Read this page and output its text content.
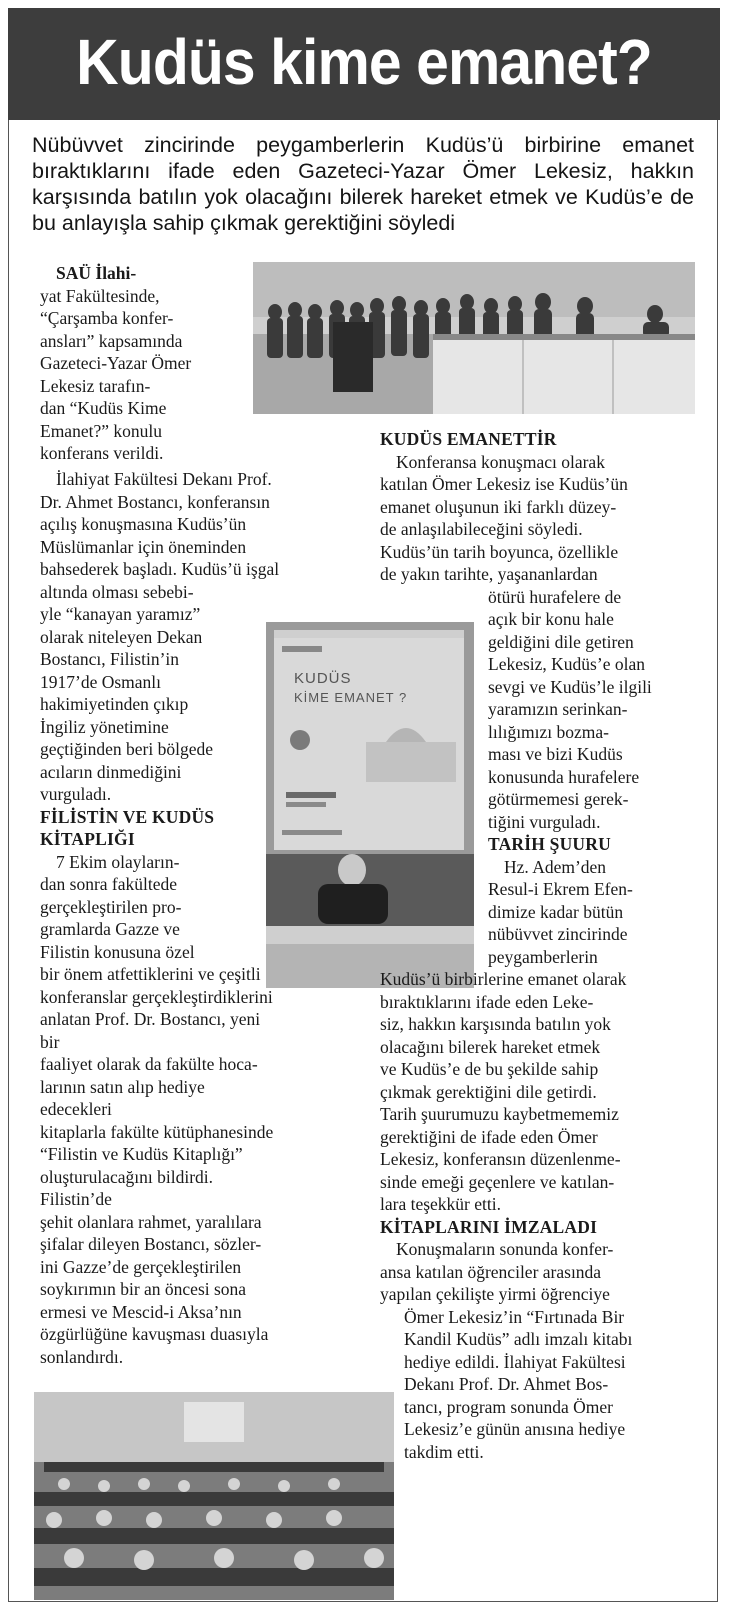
Kudüs kime emanet?
Nübüvvet zincirinde peygamberlerin Kudüs’ü birbirine emanet bıraktıklarını ifade eden Gazeteci-Yazar Ömer Lekesiz, hakkın karşısında batılın yok olacağını bilerek hareket etmek ve Kudüs’e de bu anlayışla sahip çıkmak gerektiğini söyledi
KUDÜS
KİME EMANET ?

SAÜ İlahi-
yat Fakültesinde,
“Çarşamba konfer-
ansları” kapsamında
Gazeteci-Yazar Ömer
Lekesiz tarafın-
dan “Kudüs Kime
Emanet?” konulu
konferans verildi.

İlahiyat Fakültesi Dekanı Prof.
Dr. Ahmet Bostancı, konferansın
açılış konuşmasına Kudüs’ün
Müslümanlar için öneminden
bahsederek başladı. Kudüs’ü işgal
altında olması sebebi-
yle “kanayan yaramız”
olarak niteleyen Dekan
Bostancı, Filistin’in
1917’de Osmanlı
hakimiyetinden çıkıp
İngiliz yönetimine
geçtiğinden beri bölgede
acıların dinmediğini
vurguladı.

FİLİSTİN VE KUDÜS
KİTAPLIĞI

7 Ekim olayların-
dan sonra fakültede
gerçekleştirilen pro-
gramlarda Gazze ve
Filistin konusuna özel
bir önem atfettiklerini ve çeşitli
konferanslar gerçekleştirdiklerini
anlatan Prof. Dr. Bostancı, yeni bir
faaliyet olarak da fakülte hoca-
larının satın alıp hediye edecekleri
kitaplarla fakülte kütüphanesinde
“Filistin ve Kudüs Kitaplığı”
oluşturulacağını bildirdi. Filistin’de
şehit olanlara rahmet, yaralılara
şifalar dileyen Bostancı, sözler-
ini Gazze’de gerçekleştirilen
soykırımın bir an öncesi sona
ermesi ve Mescid-i Aksa’nın
özgürlüğüne kavuşması duasıyla
sonlandırdı.

KUDÜS EMANETTİR

Konferansa konuşmacı olarak
katılan Ömer Lekesiz ise Kudüs’ün
emanet oluşunun iki farklı düzey-
de anlaşılabileceğini söyledi.
Kudüs’ün tarih boyunca, özellikle
de yakın tarihte, yaşananlardan
ötürü hurafelere de
açık bir konu hale
geldiğini dile getiren
Lekesiz, Kudüs’e olan
sevgi ve Kudüs’le ilgili
yaramızın serinkan-
lılığımızı bozma-
ması ve bizi Kudüs
konusunda hurafelere
götürmemesi gerek-
tiğini vurguladı.

TARİH ŞUURU

Hz. Adem’den
Resul-i Ekrem Efen-
dimize kadar bütün
nübüvvet zincirinde
peygamberlerin
Kudüs’ü birbirlerine emanet olarak
bıraktıklarını ifade eden Leke-
siz, hakkın karşısında batılın yok
olacağını bilerek hareket etmek
ve Kudüs’e de bu şekilde sahip
çıkmak gerektiğini dile getirdi.
Tarih şuurumuzu kaybetmememiz
gerektiğini de ifade eden Ömer
Lekesiz, konferansın düzenlenme-
sinde emeği geçenlere ve katılan-
lara teşekkür etti.

KİTAPLARINI İMZALADI

Konuşmaların sonunda konfer-
ansa katılan öğrenciler arasında
yapılan çekilişte yirmi öğrenciye
Ömer Lekesiz’in “Fırtınada Bir
Kandil Kudüs” adlı imzalı kitabı
hediye edildi. İlahiyat Fakültesi
Dekanı Prof. Dr. Ahmet Bos-
tancı, program sonunda Ömer
Lekesiz’e günün anısına hediye
takdim etti.
